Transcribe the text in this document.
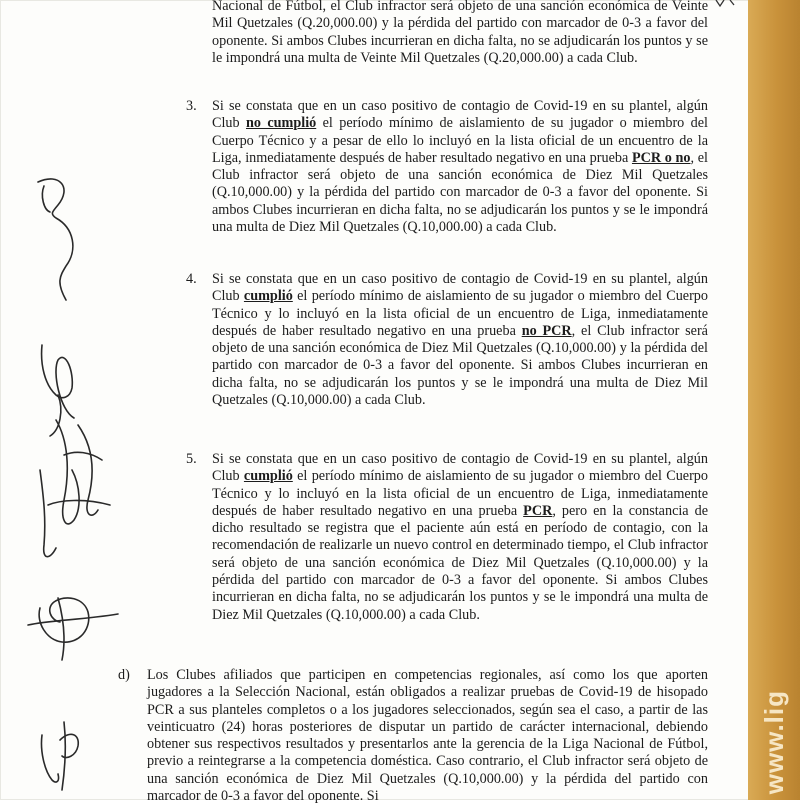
www.lig

Nacional de Fútbol, el Club infractor será objeto de una sanción económica de Veinte Mil Quetzales (Q.20,000.00) y la pérdida del partido con marcador de 0-3 a favor del oponente. Si ambos Clubes incurrieran en dicha falta, no se adjudicarán los puntos y se le impondrá una multa de Veinte Mil Quetzales (Q.20,000.00) a cada Club.

3. Si se constata que en un caso positivo de contagio de Covid-19 en su plantel, algún Club no cumplió el período mínimo de aislamiento de su jugador o miembro del Cuerpo Técnico y a pesar de ello lo incluyó en la lista oficial de un encuentro de la Liga, inmediatamente después de haber resultado negativo en una prueba PCR o no, el Club infractor será objeto de una sanción económica de Diez Mil Quetzales (Q.10,000.00) y la pérdida del partido con marcador de 0-3 a favor del oponente. Si ambos Clubes incurrieran en dicha falta, no se adjudicarán los puntos y se le impondrá una multa de Diez Mil Quetzales (Q.10,000.00) a cada Club.

4. Si se constata que en un caso positivo de contagio de Covid-19 en su plantel, algún Club cumplió el período mínimo de aislamiento de su jugador o miembro del Cuerpo Técnico y lo incluyó en la lista oficial de un encuentro de Liga, inmediatamente después de haber resultado negativo en una prueba no PCR, el Club infractor será objeto de una sanción económica de Diez Mil Quetzales (Q.10,000.00) y la pérdida del partido con marcador de 0-3 a favor del oponente. Si ambos Clubes incurrieran en dicha falta, no se adjudicarán los puntos y se le impondrá una multa de Diez Mil Quetzales (Q.10,000.00) a cada Club.

5. Si se constata que en un caso positivo de contagio de Covid-19 en su plantel, algún Club cumplió el período mínimo de aislamiento de su jugador o miembro del Cuerpo Técnico y lo incluyó en la lista oficial de un encuentro de Liga, inmediatamente después de haber resultado negativo en una prueba PCR, pero en la constancia de dicho resultado se registra que el paciente aún está en período de contagio, con la recomendación de realizarle un nuevo control en determinado tiempo, el Club infractor será objeto de una sanción económica de Diez Mil Quetzales (Q.10,000.00) y la pérdida del partido con marcador de 0-3 a favor del oponente. Si ambos Clubes incurrieran en dicha falta, no se adjudicarán los puntos y se le impondrá una multa de Diez Mil Quetzales (Q.10,000.00) a cada Club.

d) Los Clubes afiliados que participen en competencias regionales, así como los que aporten jugadores a la Selección Nacional, están obligados a realizar pruebas de Covid-19 de hisopado PCR a sus planteles completos o a los jugadores seleccionados, según sea el caso, a partir de las veinticuatro (24) horas posteriores de disputar un partido de carácter internacional, debiendo obtener sus respectivos resultados y presentarlos ante la gerencia de la Liga Nacional de Fútbol, previo a reintegrarse a la competencia doméstica. Caso contrario, el Club infractor será objeto de una sanción económica de Diez Mil Quetzales (Q.10,000.00) y la pérdida del partido con marcador de 0-3 a favor del oponente. Si
